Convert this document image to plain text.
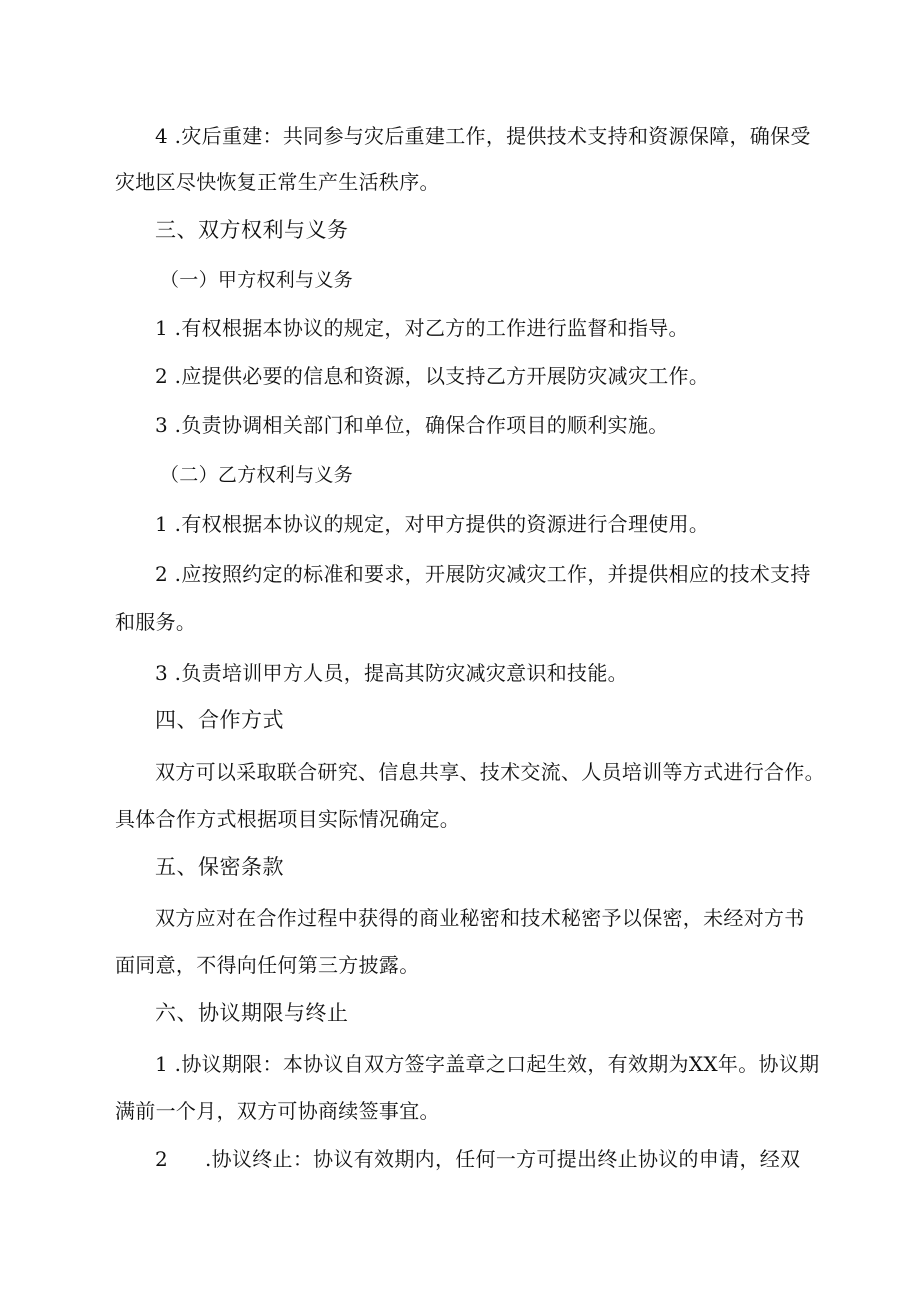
4 .灾后重建：共同参与灾后重建工作，提供技术支持和资源保障，确保受
灾地区尽快恢复正常生产生活秩序。
三、双方权利与义务
（一）甲方权利与义务
1 .有权根据本协议的规定，对乙方的工作进行监督和指导。
2 .应提供必要的信息和资源，以支持乙方开展防灾减灾工作。
3 .负责协调相关部门和单位，确保合作项目的顺利实施。
（二）乙方权利与义务
1 .有权根据本协议的规定，对甲方提供的资源进行合理使用。
2 .应按照约定的标准和要求，开展防灾减灾工作，并提供相应的技术支持
和服务。
3 .负责培训甲方人员，提高其防灾减灾意识和技能。
四、合作方式
双方可以采取联合研究、信息共享、技术交流、人员培训等方式进行合作。
具体合作方式根据项目实际情况确定。
五、保密条款
双方应对在合作过程中获得的商业秘密和技术秘密予以保密，未经对方书
面同意，不得向任何第三方披露。
六、协议期限与终止
1 .协议期限：本协议自双方签字盖章之口起生效，有效期为XX年。协议期
满前一个月，双方可协商续签事宜。
2 .协议终止：协议有效期内，任何一方可提出终止协议的申请，经双
